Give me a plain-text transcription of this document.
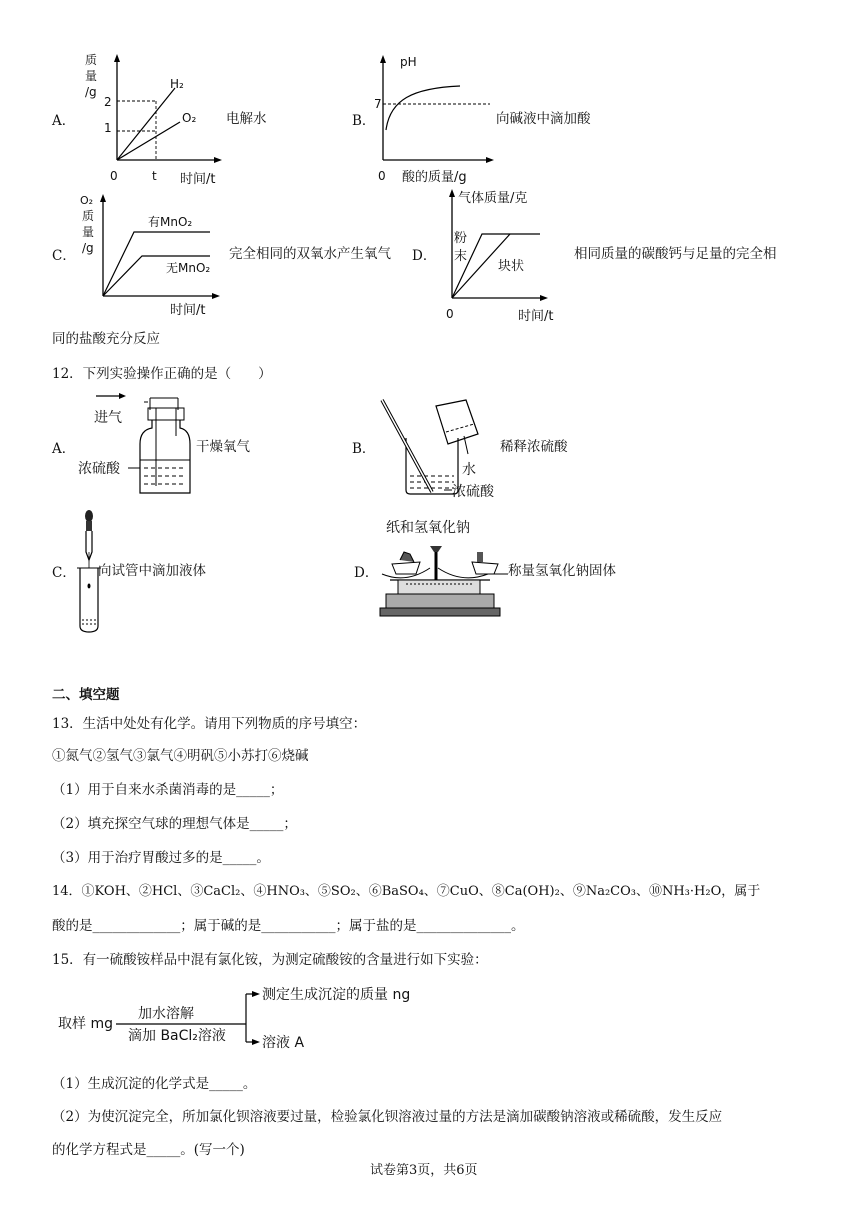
A．
质
量
/g
2
1
H₂
O₂
0	t 时间/t
电解水	B．
pH
7
0 酸的质量/g
向碱液中滴加酸
C．
O₂
质
量
/g
有MnO₂
无MnO₂
时间/t
完全相同的双氧水产生氧气 D．
气体质量/克
粉
末
块状
0	时间/t
相同质量的碳酸钙与足量的完全相
同的盐酸充分反应
12．下列实验操作正确的是（　　）
A．
进气
浓硫酸
干燥氧气	B．
水
浓硫酸
稀释浓硫酸
C． 向试管中滴加液体	D．
纸和氢氧化钠
称量氢氧化钠固体
二、填空题
13．生活中处处有化学。请用下列物质的序号填空：
①氮气②氢气③氯气④明矾⑤小苏打⑥烧碱
（1）用于自来水杀菌消毒的是_____；
（2）填充探空气球的理想气体是_____；
（3）用于治疗胃酸过多的是_____。
14．①KOH、②HCl、③CaCl₂、④HNO₃、⑤SO₂、⑥BaSO₄、⑦CuO、⑧Ca(OH)₂、⑨Na₂CO₃、⑩NH₃·H₂O，属于
酸的是_____________；属于碱的是___________；属于盐的是______________。
15．有一硫酸铵样品中混有氯化铵，为测定硫酸铵的含量进行如下实验：
取样 mg
加水溶解
滴加 BaCl₂溶液
测定生成沉淀的质量 ng
溶液 A
（1）生成沉淀的化学式是_____。
（2）为使沉淀完全，所加氯化钡溶液要过量，检验氯化钡溶液过量的方法是滴加碳酸钠溶液或稀硫酸，发生反应
的化学方程式是_____。(写一个)
试卷第3页，共6页
